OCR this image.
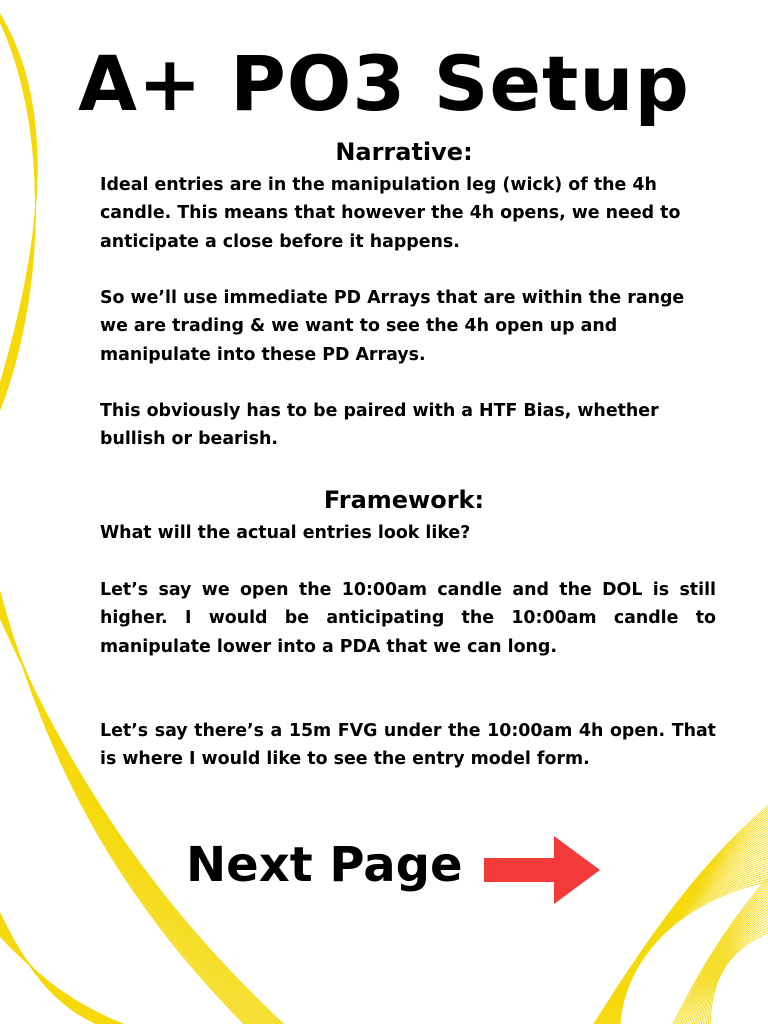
A+ PO3 Setup
Narrative:

Ideal entries are in the manipulation leg (wick) of the 4h candle. This means that however the 4h opens, we need to anticipate a close before it happens.

So we’ll use immediate PD Arrays that are within the range we are trading & we want to see the 4h open up and manipulate into these PD Arrays.

This obviously has to be paired with a HTF Bias, whether bullish or bearish.

Framework:

What will the actual entries look like?

Let’s say we open the 10:00am candle and the DOL is still higher. I would be anticipating the 10:00am candle to manipulate lower into a PDA that we can long.

Let’s say there’s a 15m FVG under the 10:00am 4h open. That is where I would like to see the entry model form.

Next Page
